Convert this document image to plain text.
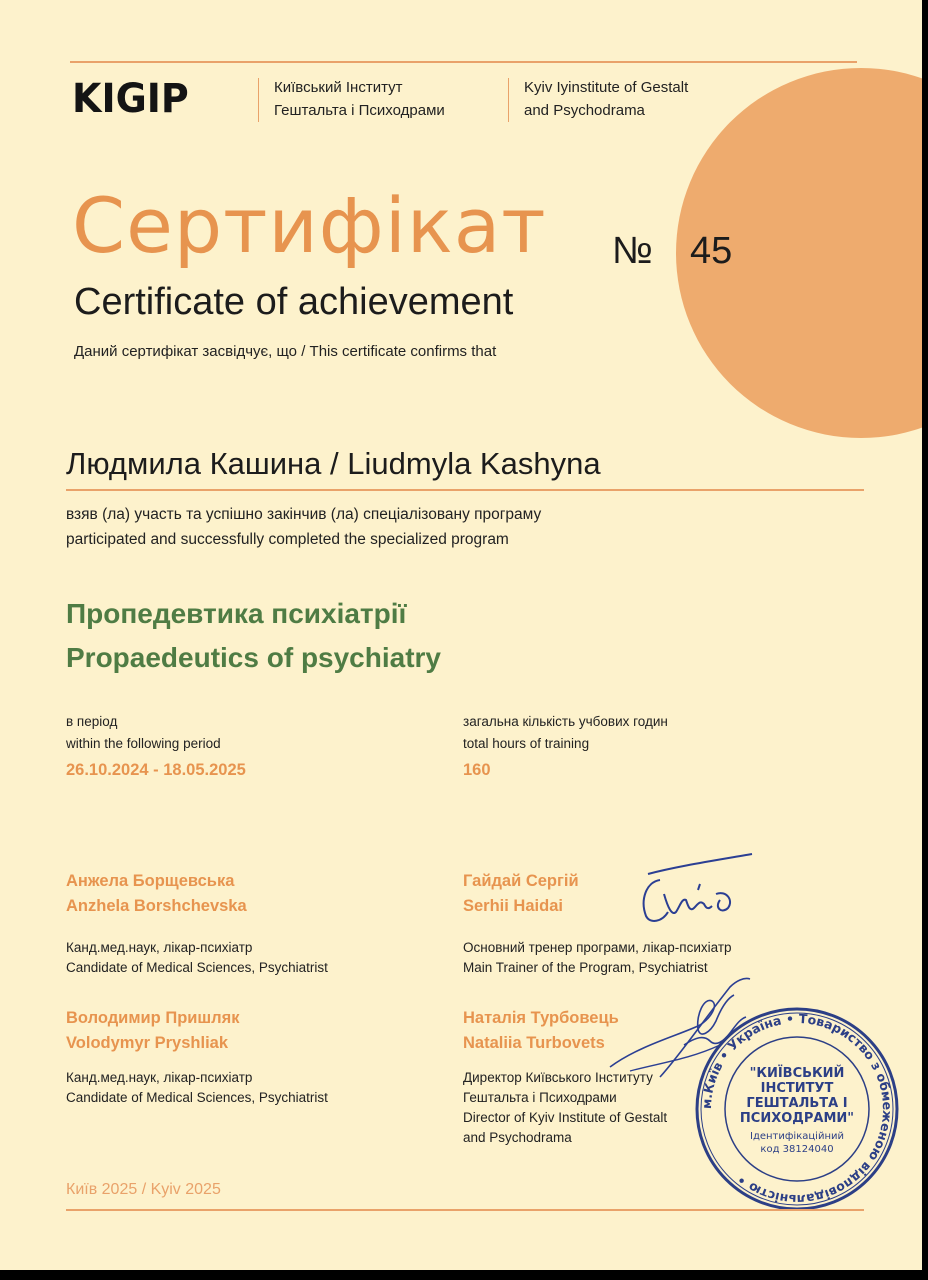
KIGIP	Київський Інститут
Гештальта і Психодрами
Kyiv Iyinstitute of Gestalt
and Psychodrama
Сертифікат № 45
Certificate of achievement
Даний сертифікат засвідчує, що / This certificate confirms that
Людмила Кашина / Liudmyla Kashyna
взяв (ла) участь та успішно закінчив (ла) спеціалізовану програму
participated and successfully completed the specialized program
Пропедевтика психіатрії
Propaedeutics of psychiatry
в період
within the following period
26.10.2024 - 18.05.2025
загальна кількість учбових годин
total hours of training
160
Анжела Борщевська
Anzhela Borshchevska
Канд.мед.наук, лікар-психіатр
Candidate of Medical Sciences, Psychiatrist
Гайдай Сергій
Serhii Haidai
Основний тренер програми, лікар-психіатр
Main Trainer of the Program, Psychiatrist
Володимир Пришляк
Volodymyr Pryshliak
Канд.мед.наук, лікар-психіатр
Candidate of Medical Sciences, Psychiatrist
Наталія Турбовець
Nataliia Turbovets
Директор Київського Інституту
Гештальта і Психодрами
Director of Kyiv Institute of Gestalt
and Psychodrama
м.Київ • Україна • Товариство з обмеженою відповідальністю •
"КИЇВСЬКИЙ
ІНСТИТУТ
ГЕШТАЛЬТА І
ПСИХОДРАМИ"
Ідентифікаційний
код 38124040
Київ 2025 / Kyiv 2025
